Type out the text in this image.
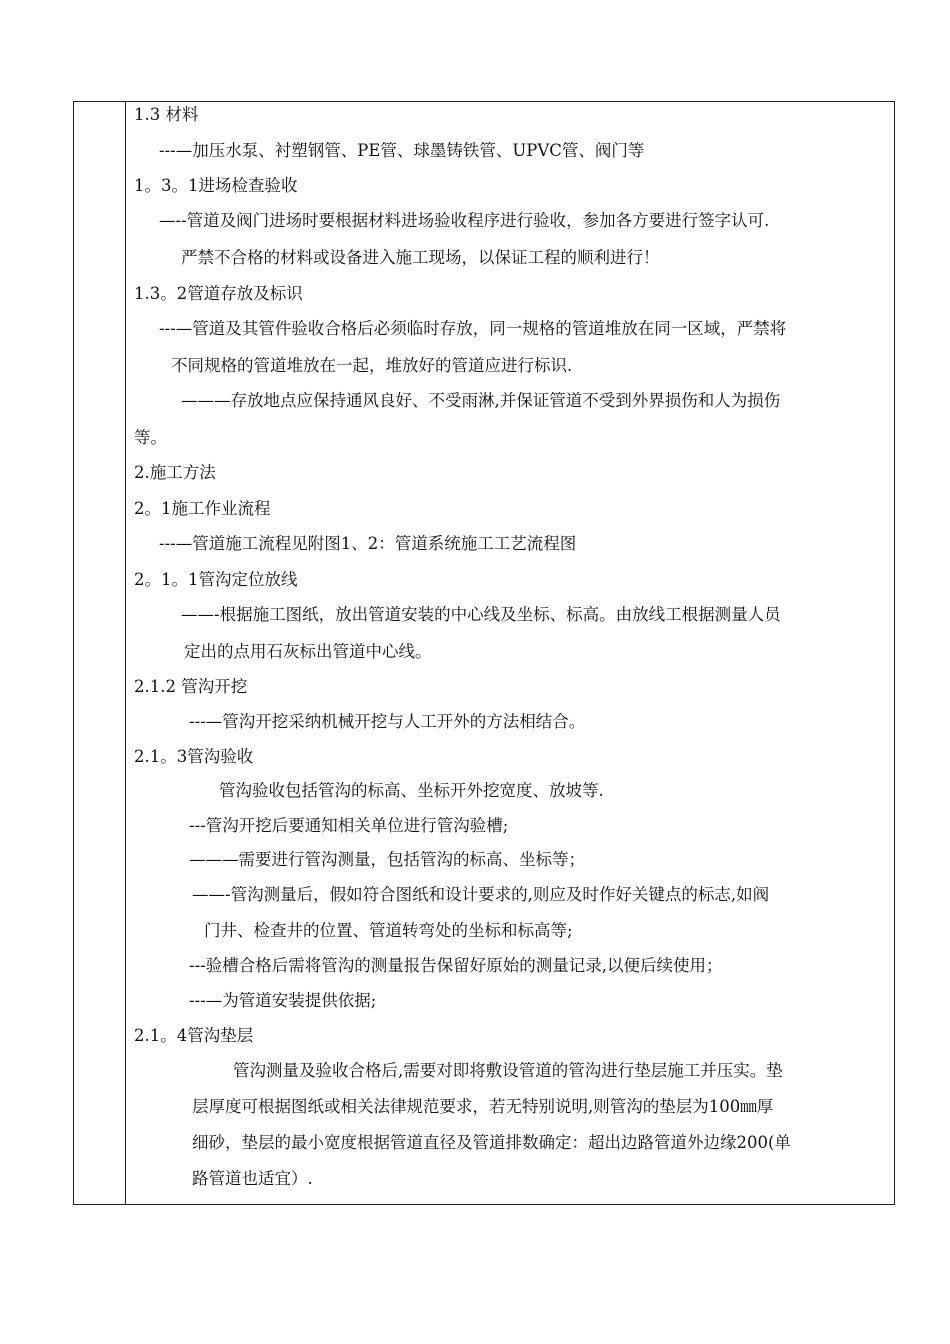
1.3 材料
---—加压水泵、衬塑钢管、PE管、球墨铸铁管、UPVC管、阀门等
1。3。1进场检查验收
—--管道及阀门进场时要根据材料进场验收程序进行验收，参加各方要进行签字认可.
严禁不合格的材料或设备进入施工现场，以保证工程的顺利进行！
1.3。2管道存放及标识
---—管道及其管件验收合格后必须临时存放，同一规格的管道堆放在同一区域，严禁将
不同规格的管道堆放在一起，堆放好的管道应进行标识.
———存放地点应保持通风良好、不受雨淋,并保证管道不受到外界损伤和人为损伤
等。
2.施工方法
2。1施工作业流程
---—管道施工流程见附图1、2：管道系统施工工艺流程图
2。1。1管沟定位放线
——-根据施工图纸，放出管道安装的中心线及坐标、标高。由放线工根据测量人员
定出的点用石灰标出管道中心线。
2.1.2 管沟开挖
---—管沟开挖采纳机械开挖与人工开外的方法相结合。
2.1。3管沟验收
管沟验收包括管沟的标高、坐标开外挖宽度、放坡等.
---管沟开挖后要通知相关单位进行管沟验槽;
———需要进行管沟测量，包括管沟的标高、坐标等；
——-管沟测量后，假如符合图纸和设计要求的,则应及时作好关键点的标志,如阀
门井、检查井的位置、管道转弯处的坐标和标高等;
---验槽合格后需将管沟的测量报告保留好原始的测量记录,以便后续使用；
---—为管道安装提供依据;
2.1。4管沟垫层
管沟测量及验收合格后,需要对即将敷设管道的管沟进行垫层施工并压实。垫
层厚度可根据图纸或相关法律规范要求，若无特别说明,则管沟的垫层为100㎜厚
细砂，垫层的最小宽度根据管道直径及管道排数确定：超出边路管道外边缘200(单
路管道也适宜）.
